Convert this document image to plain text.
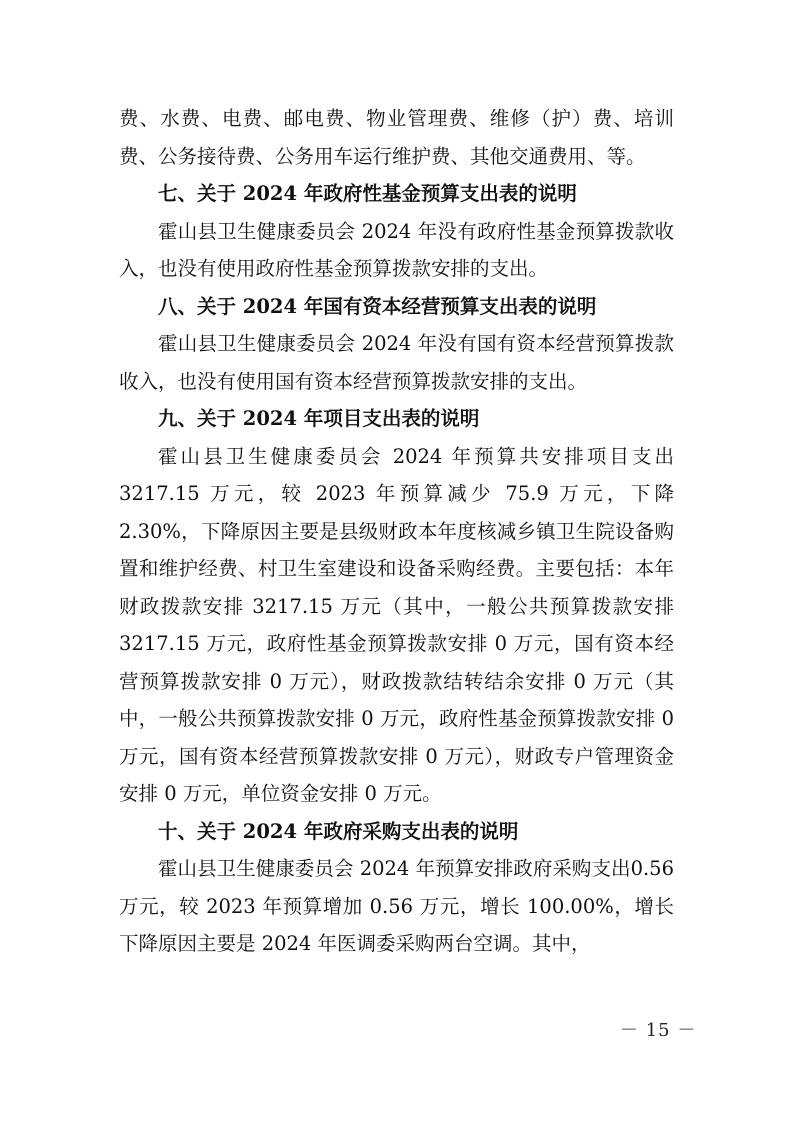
费、水费、电费、邮电费、物业管理费、维修（护）费、培训费、公务接待费、公务用车运行维护费、其他交通费用、等。

七、关于 2024 年政府性基金预算支出表的说明

霍山县卫生健康委员会 2024 年没有政府性基金预算拨款收入，也没有使用政府性基金预算拨款安排的支出。

八、关于 2024 年国有资本经营预算支出表的说明

霍山县卫生健康委员会 2024 年没有国有资本经营预算拨款收入，也没有使用国有资本经营预算拨款安排的支出。

九、关于 2024 年项目支出表的说明

霍山县卫生健康委员会 2024 年预算共安排项目支出3217.15 万元，较 2023 年预算减少 75.9 万元，下降 2.30%，下降原因主要是县级财政本年度核减乡镇卫生院设备购置和维护经费、村卫生室建设和设备采购经费。主要包括：本年财政拨款安排 3217.15 万元（其中，一般公共预算拨款安排 3217.15 万元，政府性基金预算拨款安排 0 万元，国有资本经营预算拨款安排 0 万元），财政拨款结转结余安排 0 万元（其中，一般公共预算拨款安排 0 万元，政府性基金预算拨款安排 0 万元，国有资本经营预算拨款安排 0 万元），财政专户管理资金安排 0 万元，单位资金安排 0 万元。

十、关于 2024 年政府采购支出表的说明

霍山县卫生健康委员会 2024 年预算安排政府采购支出0.56 万元，较 2023 年预算增加 0.56 万元，增长 100.00%，增长下降原因主要是 2024 年医调委采购两台空调。其中，

－ 15 －
